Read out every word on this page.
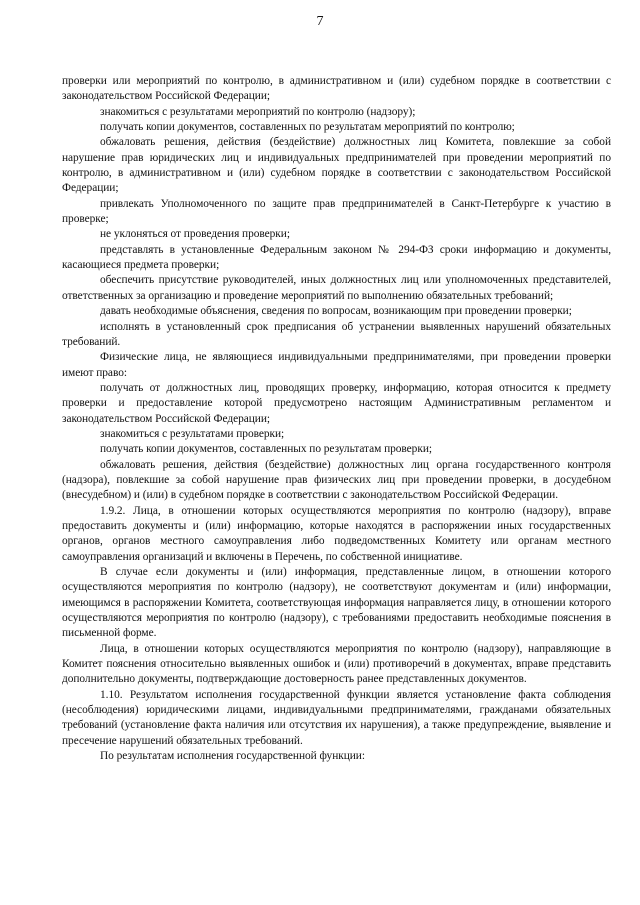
7

проверки или мероприятий по контролю, в административном и (или) судебном порядке в соответствии с законодательством Российской Федерации;

знакомиться с результатами мероприятий по контролю (надзору);

получать копии документов, составленных по результатам мероприятий по контролю;

обжаловать решения, действия (бездействие) должностных лиц Комитета, повлекшие за собой нарушение прав юридических лиц и индивидуальных предпринимателей при проведении мероприятий по контролю, в административном и (или) судебном порядке в соответствии с законодательством Российской Федерации;

привлекать Уполномоченного по защите прав предпринимателей в Санкт-Петербурге к участию в проверке;

не уклоняться от проведения проверки;

представлять в установленные Федеральным законом № 294-ФЗ сроки информацию и документы, касающиеся предмета проверки;

обеспечить присутствие руководителей, иных должностных лиц или уполномоченных представителей, ответственных за организацию и проведение мероприятий по выполнению обязательных требований;

давать необходимые объяснения, сведения по вопросам, возникающим при проведении проверки;

исполнять в установленный срок предписания об устранении выявленных нарушений обязательных требований.

Физические лица, не являющиеся индивидуальными предпринимателями, при проведении проверки имеют право:

получать от должностных лиц, проводящих проверку, информацию, которая относится к предмету проверки и предоставление которой предусмотрено настоящим Административным регламентом и законодательством Российской Федерации;

знакомиться с результатами проверки;

получать копии документов, составленных по результатам проверки;

обжаловать решения, действия (бездействие) должностных лиц органа государственного контроля (надзора), повлекшие за собой нарушение прав физических лиц при проведении проверки, в досудебном (внесудебном) и (или) в судебном порядке в соответствии с законодательством Российской Федерации.

1.9.2. Лица, в отношении которых осуществляются мероприятия по контролю (надзору), вправе предоставить документы и (или) информацию, которые находятся в распоряжении иных государственных органов, органов местного самоуправления либо подведомственных Комитету или органам местного самоуправления организаций и включены в Перечень, по собственной инициативе.

В случае если документы и (или) информация, представленные лицом, в отношении которого осуществляются мероприятия по контролю (надзору), не соответствуют документам и (или) информации, имеющимся в распоряжении Комитета, соответствующая информация направляется лицу, в отношении которого осуществляются мероприятия по контролю (надзору), с требованиями предоставить необходимые пояснения в письменной форме.

Лица, в отношении которых осуществляются мероприятия по контролю (надзору), направляющие в Комитет пояснения относительно выявленных ошибок и (или) противоречий в документах, вправе представить дополнительно документы, подтверждающие достоверность ранее представленных документов.

1.10. Результатом исполнения государственной функции является установление факта соблюдения (несоблюдения) юридическими лицами, индивидуальными предпринимателями, гражданами обязательных требований (установление факта наличия или отсутствия их нарушения), а также предупреждение, выявление и пресечение нарушений обязательных требований.

По результатам исполнения государственной функции:
